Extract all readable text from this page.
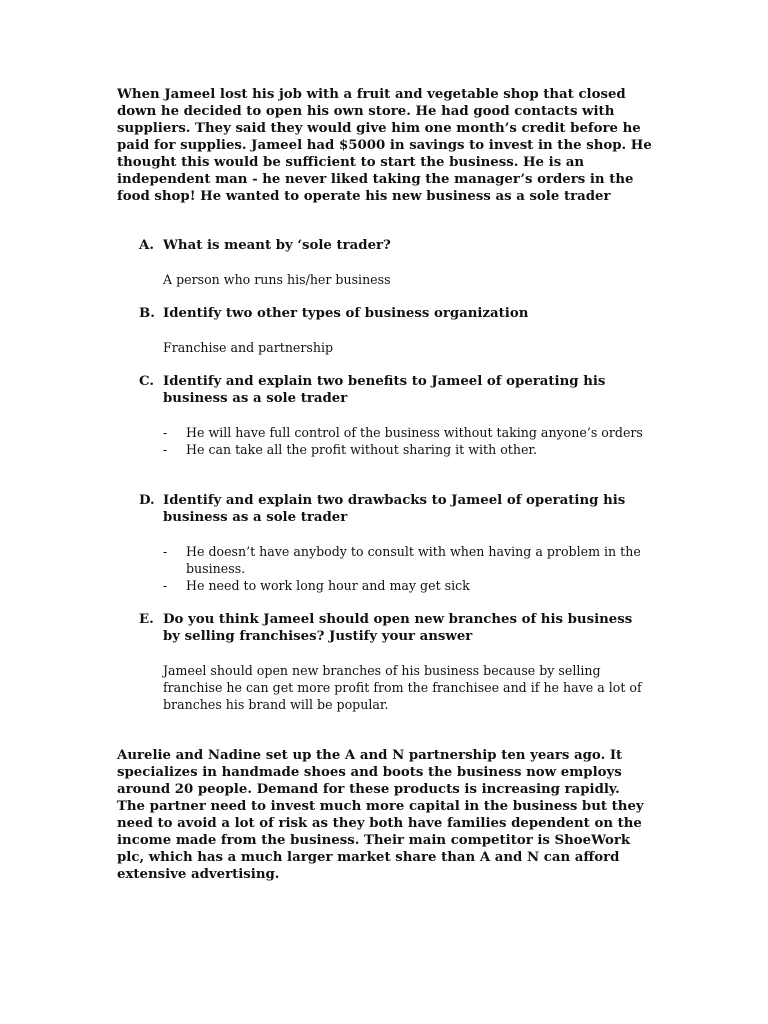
When Jameel lost his job with a fruit and vegetable shop that closed down he decided to open his own store. He had good contacts with suppliers. They said they would give him one month’s credit before he paid for supplies. Jameel had $5000 in savings to invest in the shop. He thought this would be sufficient to start the business. He is an independent man - he never liked taking the manager’s orders in the food shop! He wanted to operate his new business as a sole trader

A. What is meant by ‘sole trader?

A person who runs his/her business

B. Identify two other types of business organization

Franchise and partnership

C. Identify and explain two benefits to Jameel of operating his business as a sole trader

- He will have full control of the business without taking anyone’s orders
- He can take all the profit without sharing it with other.
D. Identify and explain two drawbacks to Jameel of operating his business as a sole trader

- He doesn’t have anybody to consult with when having a problem in the business.
- He need to work long hour and may get sick
E. Do you think Jameel should open new branches of his business by selling franchises? Justify your answer

Jameel should open new branches of his business because by selling franchise he can get more profit from the franchisee and if he have a lot of branches his brand will be popular.

Aurelie and Nadine set up the A and N partnership ten years ago. It specializes in handmade shoes and boots the business now employs around 20 people. Demand for these products is increasing rapidly. The partner need to invest much more capital in the business but they need to avoid a lot of risk as they both have families dependent on the income made from the business. Their main competitor is ShoeWork plc, which has a much larger market share than A and N can afford extensive advertising.
